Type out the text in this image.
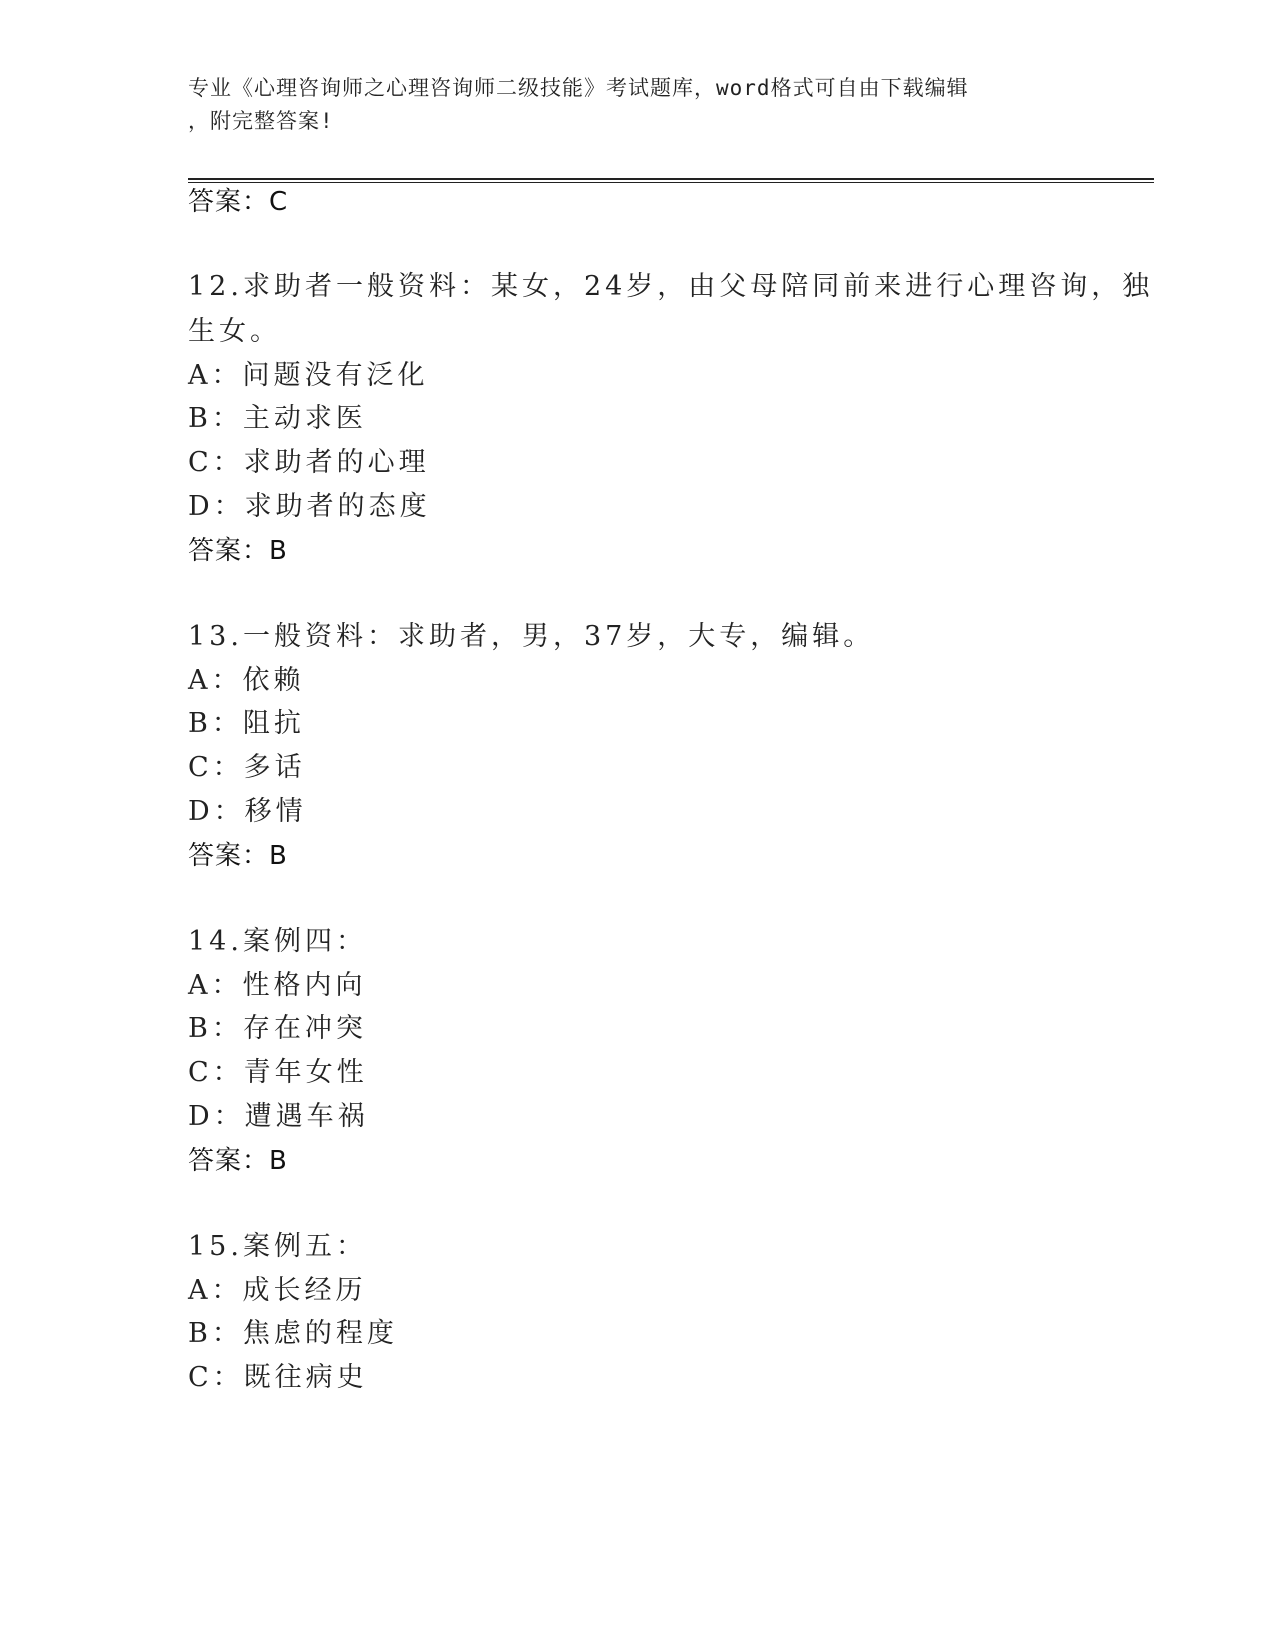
专业《心理咨询师之心理咨询师二级技能》考试题库，word格式可自由下载编辑
，附完整答案!
答案：C
12.求助者一般资料：某女，24岁，由父母陪同前来进行心理咨询，独
生女。
A：问题没有泛化
B：主动求医
C：求助者的心理
D：求助者的态度
答案：B
13.一般资料：求助者，男，37岁，大专，编辑。
A：依赖
B：阻抗
C：多话
D：移情
答案：B
14.案例四：
A：性格内向
B：存在冲突
C：青年女性
D：遭遇车祸
答案：B
15.案例五：
A：成长经历
B：焦虑的程度
C：既往病史
